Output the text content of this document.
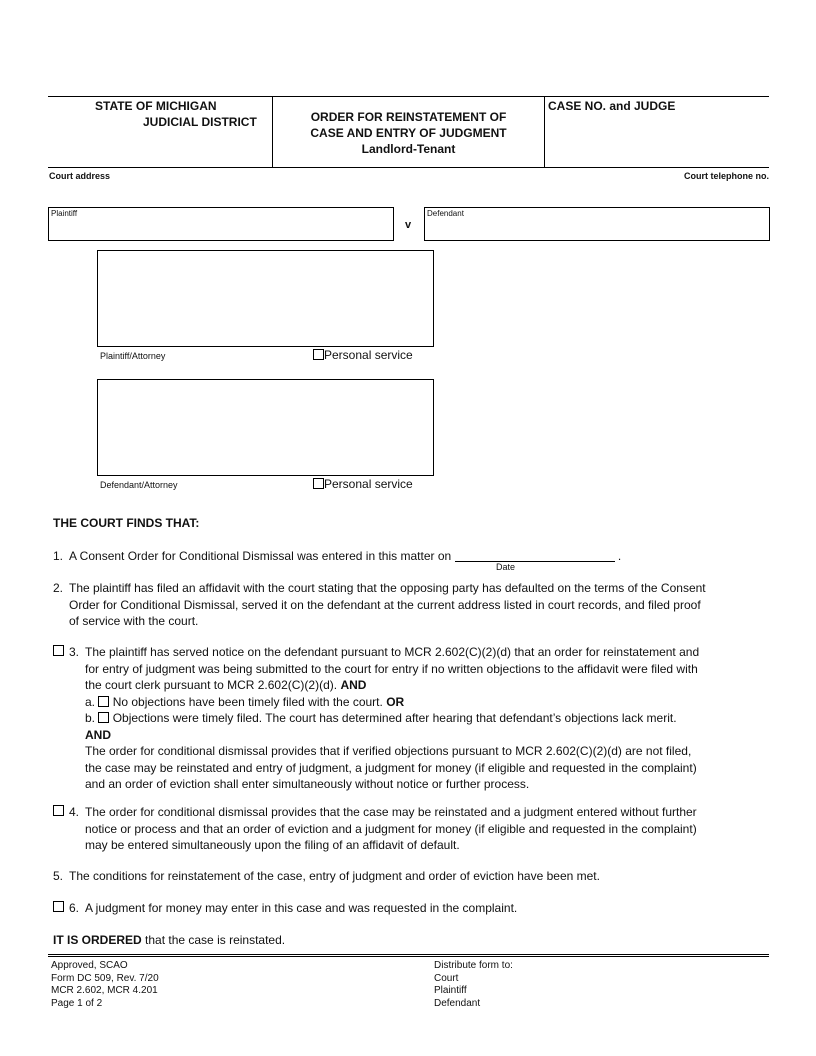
STATE OF MICHIGAN
JUDICIAL DISTRICT	ORDER FOR REINSTATEMENT OF
CASE AND ENTRY OF JUDGMENT
Landlord-Tenant
CASE NO. and JUDGE
Court address	Court telephone no.
Plaintiff
v
Defendant
Plaintiff/Attorney	Personal service
Defendant/Attorney	Personal service
THE COURT FINDS THAT:
1. A Consent Order for Conditional Dismissal was entered in this matter on	.
Date
2. The plaintiff has filed an affidavit with the court stating that the opposing party has defaulted on the terms of the Consent
Order for Conditional Dismissal, served it on the defendant at the current address listed in court records, and filed proof
of service with the court.
3. The plaintiff has served notice on the defendant pursuant to MCR 2.602(C)(2)(d) that an order for reinstatement and
for entry of judgment was being submitted to the court for entry if no written objections to the affidavit were filed with
the court clerk pursuant to MCR 2.602(C)(2)(d). AND
a. No objections have been timely filed with the court. OR
b. Objections were timely filed. The court has determined after hearing that defendant’s objections lack merit.
AND
The order for conditional dismissal provides that if verified objections pursuant to MCR 2.602(C)(2)(d) are not filed,
the case may be reinstated and entry of judgment, a judgment for money (if eligible and requested in the complaint)
and an order of eviction shall enter simultaneously without notice or further process.
4. The order for conditional dismissal provides that the case may be reinstated and a judgment entered without further
notice or process and that an order of eviction and a judgment for money (if eligible and requested in the complaint)
may be entered simultaneously upon the filing of an affidavit of default.
5. The conditions for reinstatement of the case, entry of judgment and order of eviction have been met.
6. A judgment for money may enter in this case and was requested in the complaint.
IT IS ORDERED that the case is reinstated.
Approved, SCAO
Form DC 509, Rev. 7/20
MCR 2.602, MCR 4.201
Page 1 of 2
Distribute form to:
Court
Plaintiff
Defendant
